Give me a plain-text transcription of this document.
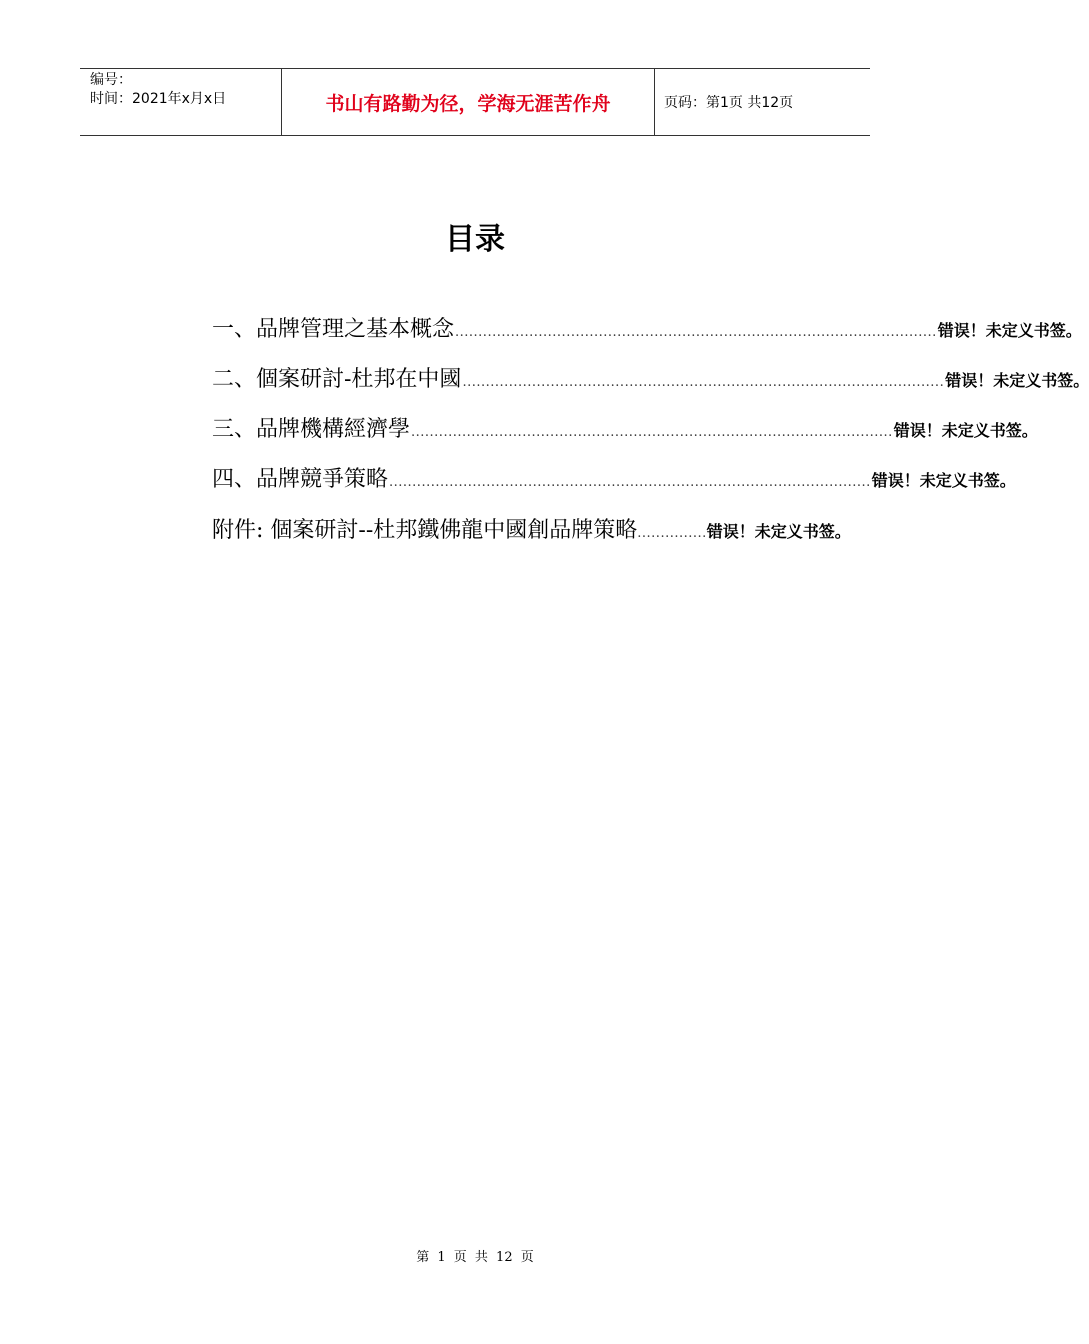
编号：
时间：2021年x月x日	书山有路勤为径，学海无涯苦作舟	页码：第1页 共12页
目录
一、品牌管理之基本概念 ........................................................................................................ 错误！未定义书签。
二、個案研討-杜邦在中國 ........................................................................................................ 错误！未定义书签。
三、品牌機構經濟學 ........................................................................................................ 错误！未定义书签。
四、品牌競爭策略 ........................................................................................................ 错误！未定义书签。
附件: 個案研討--杜邦鐵佛龍中國創品牌策略...............错误！未定义书签。
第 1 页 共 12 页
